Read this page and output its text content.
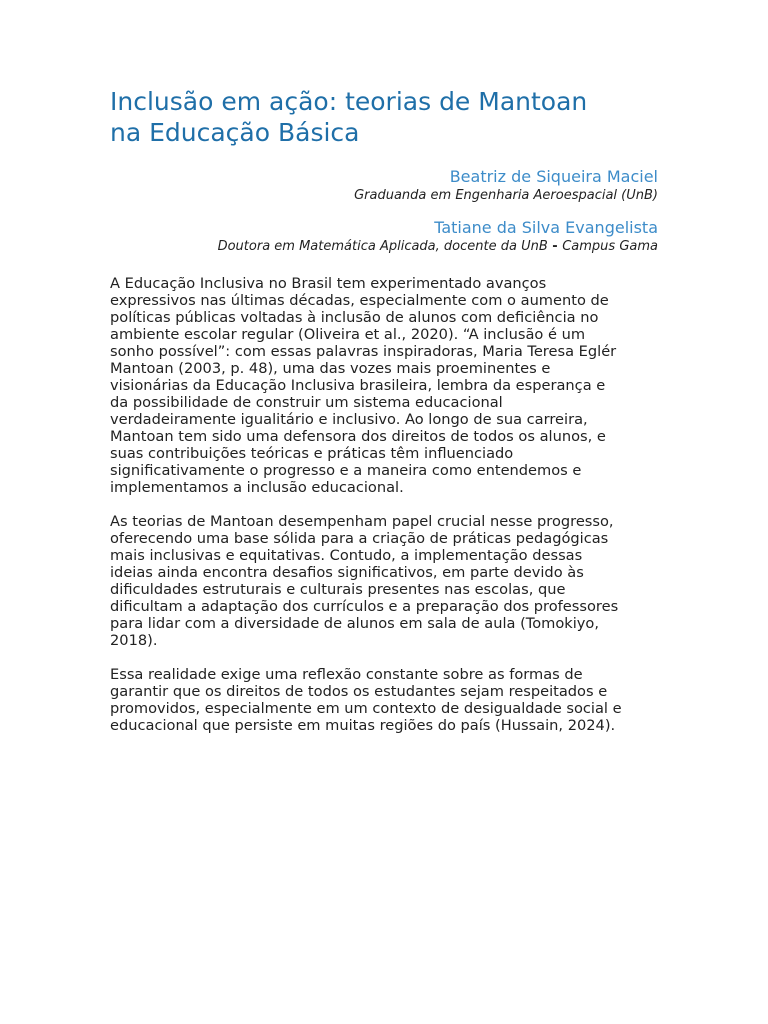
Inclusão em ação: teorias de Mantoan
na Educação Básica
Beatriz de Siqueira Maciel
Graduanda em Engenharia Aeroespacial (UnB)
Tatiane da Silva Evangelista
Doutora em Matemática Aplicada, docente da UnB - Campus Gama

A Educação Inclusiva no Brasil tem experimentado avanços
expressivos nas últimas décadas, especialmente com o aumento de
políticas públicas voltadas à inclusão de alunos com deficiência no
ambiente escolar regular (Oliveira et al., 2020). “A inclusão é um
sonho possível”: com essas palavras inspiradoras, Maria Teresa Eglér
Mantoan (2003, p. 48), uma das vozes mais proeminentes e
visionárias da Educação Inclusiva brasileira, lembra da esperança e
da possibilidade de construir um sistema educacional
verdadeiramente igualitário e inclusivo. Ao longo de sua carreira,
Mantoan tem sido uma defensora dos direitos de todos os alunos, e
suas contribuições teóricas e práticas têm influenciado
significativamente o progresso e a maneira como entendemos e
implementamos a inclusão educacional.

As teorias de Mantoan desempenham papel crucial nesse progresso,
oferecendo uma base sólida para a criação de práticas pedagógicas
mais inclusivas e equitativas. Contudo, a implementação dessas
ideias ainda encontra desafios significativos, em parte devido às
dificuldades estruturais e culturais presentes nas escolas, que
dificultam a adaptação dos currículos e a preparação dos professores
para lidar com a diversidade de alunos em sala de aula (Tomokiyo,
2018).

Essa realidade exige uma reflexão constante sobre as formas de
garantir que os direitos de todos os estudantes sejam respeitados e
promovidos, especialmente em um contexto de desigualdade social e
educacional que persiste em muitas regiões do país (Hussain, 2024).
